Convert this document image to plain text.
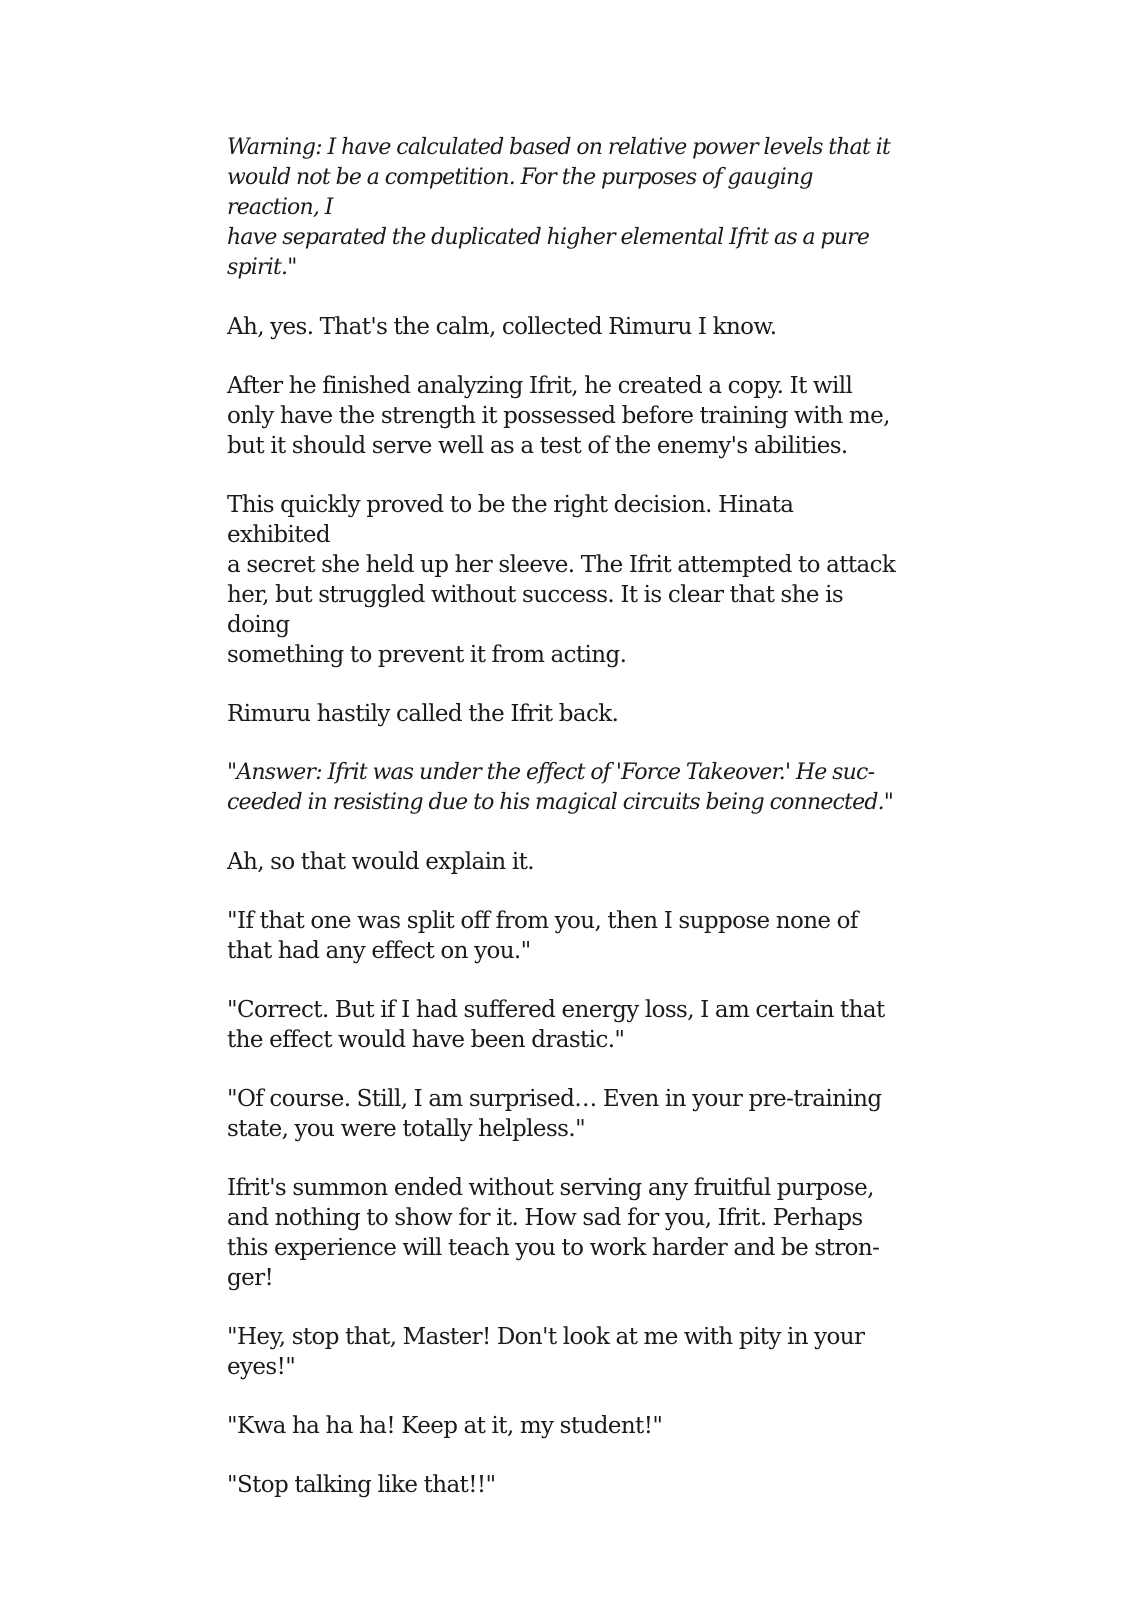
Warning: I have calculated based on relative power levels that it
would not be a competition. For the purposes of gauging reaction, I
have separated the duplicated higher elemental Ifrit as a pure spirit."

Ah, yes. That's the calm, collected Rimuru I know.

After he finished analyzing Ifrit, he created a copy. It will
only have the strength it possessed before training with me,
but it should serve well as a test of the enemy's abilities.

This quickly proved to be the right decision. Hinata exhibited
a secret she held up her sleeve. The Ifrit attempted to attack
her, but struggled without success. It is clear that she is doing
something to prevent it from acting.

Rimuru hastily called the Ifrit back.

"Answer: Ifrit was under the effect of 'Force Takeover.' He suc-
ceeded in resisting due to his magical circuits being connected."

Ah, so that would explain it.

"If that one was split off from you, then I suppose none of
that had any effect on you."

"Correct. But if I had suffered energy loss, I am certain that
the effect would have been drastic."

"Of course. Still, I am surprised… Even in your pre-training
state, you were totally helpless."

Ifrit's summon ended without serving any fruitful purpose,
and nothing to show for it. How sad for you, Ifrit. Perhaps
this experience will teach you to work harder and be stron-
ger!

"Hey, stop that, Master! Don't look at me with pity in your
eyes!"

"Kwa ha ha ha! Keep at it, my student!"

"Stop talking like that!!"
